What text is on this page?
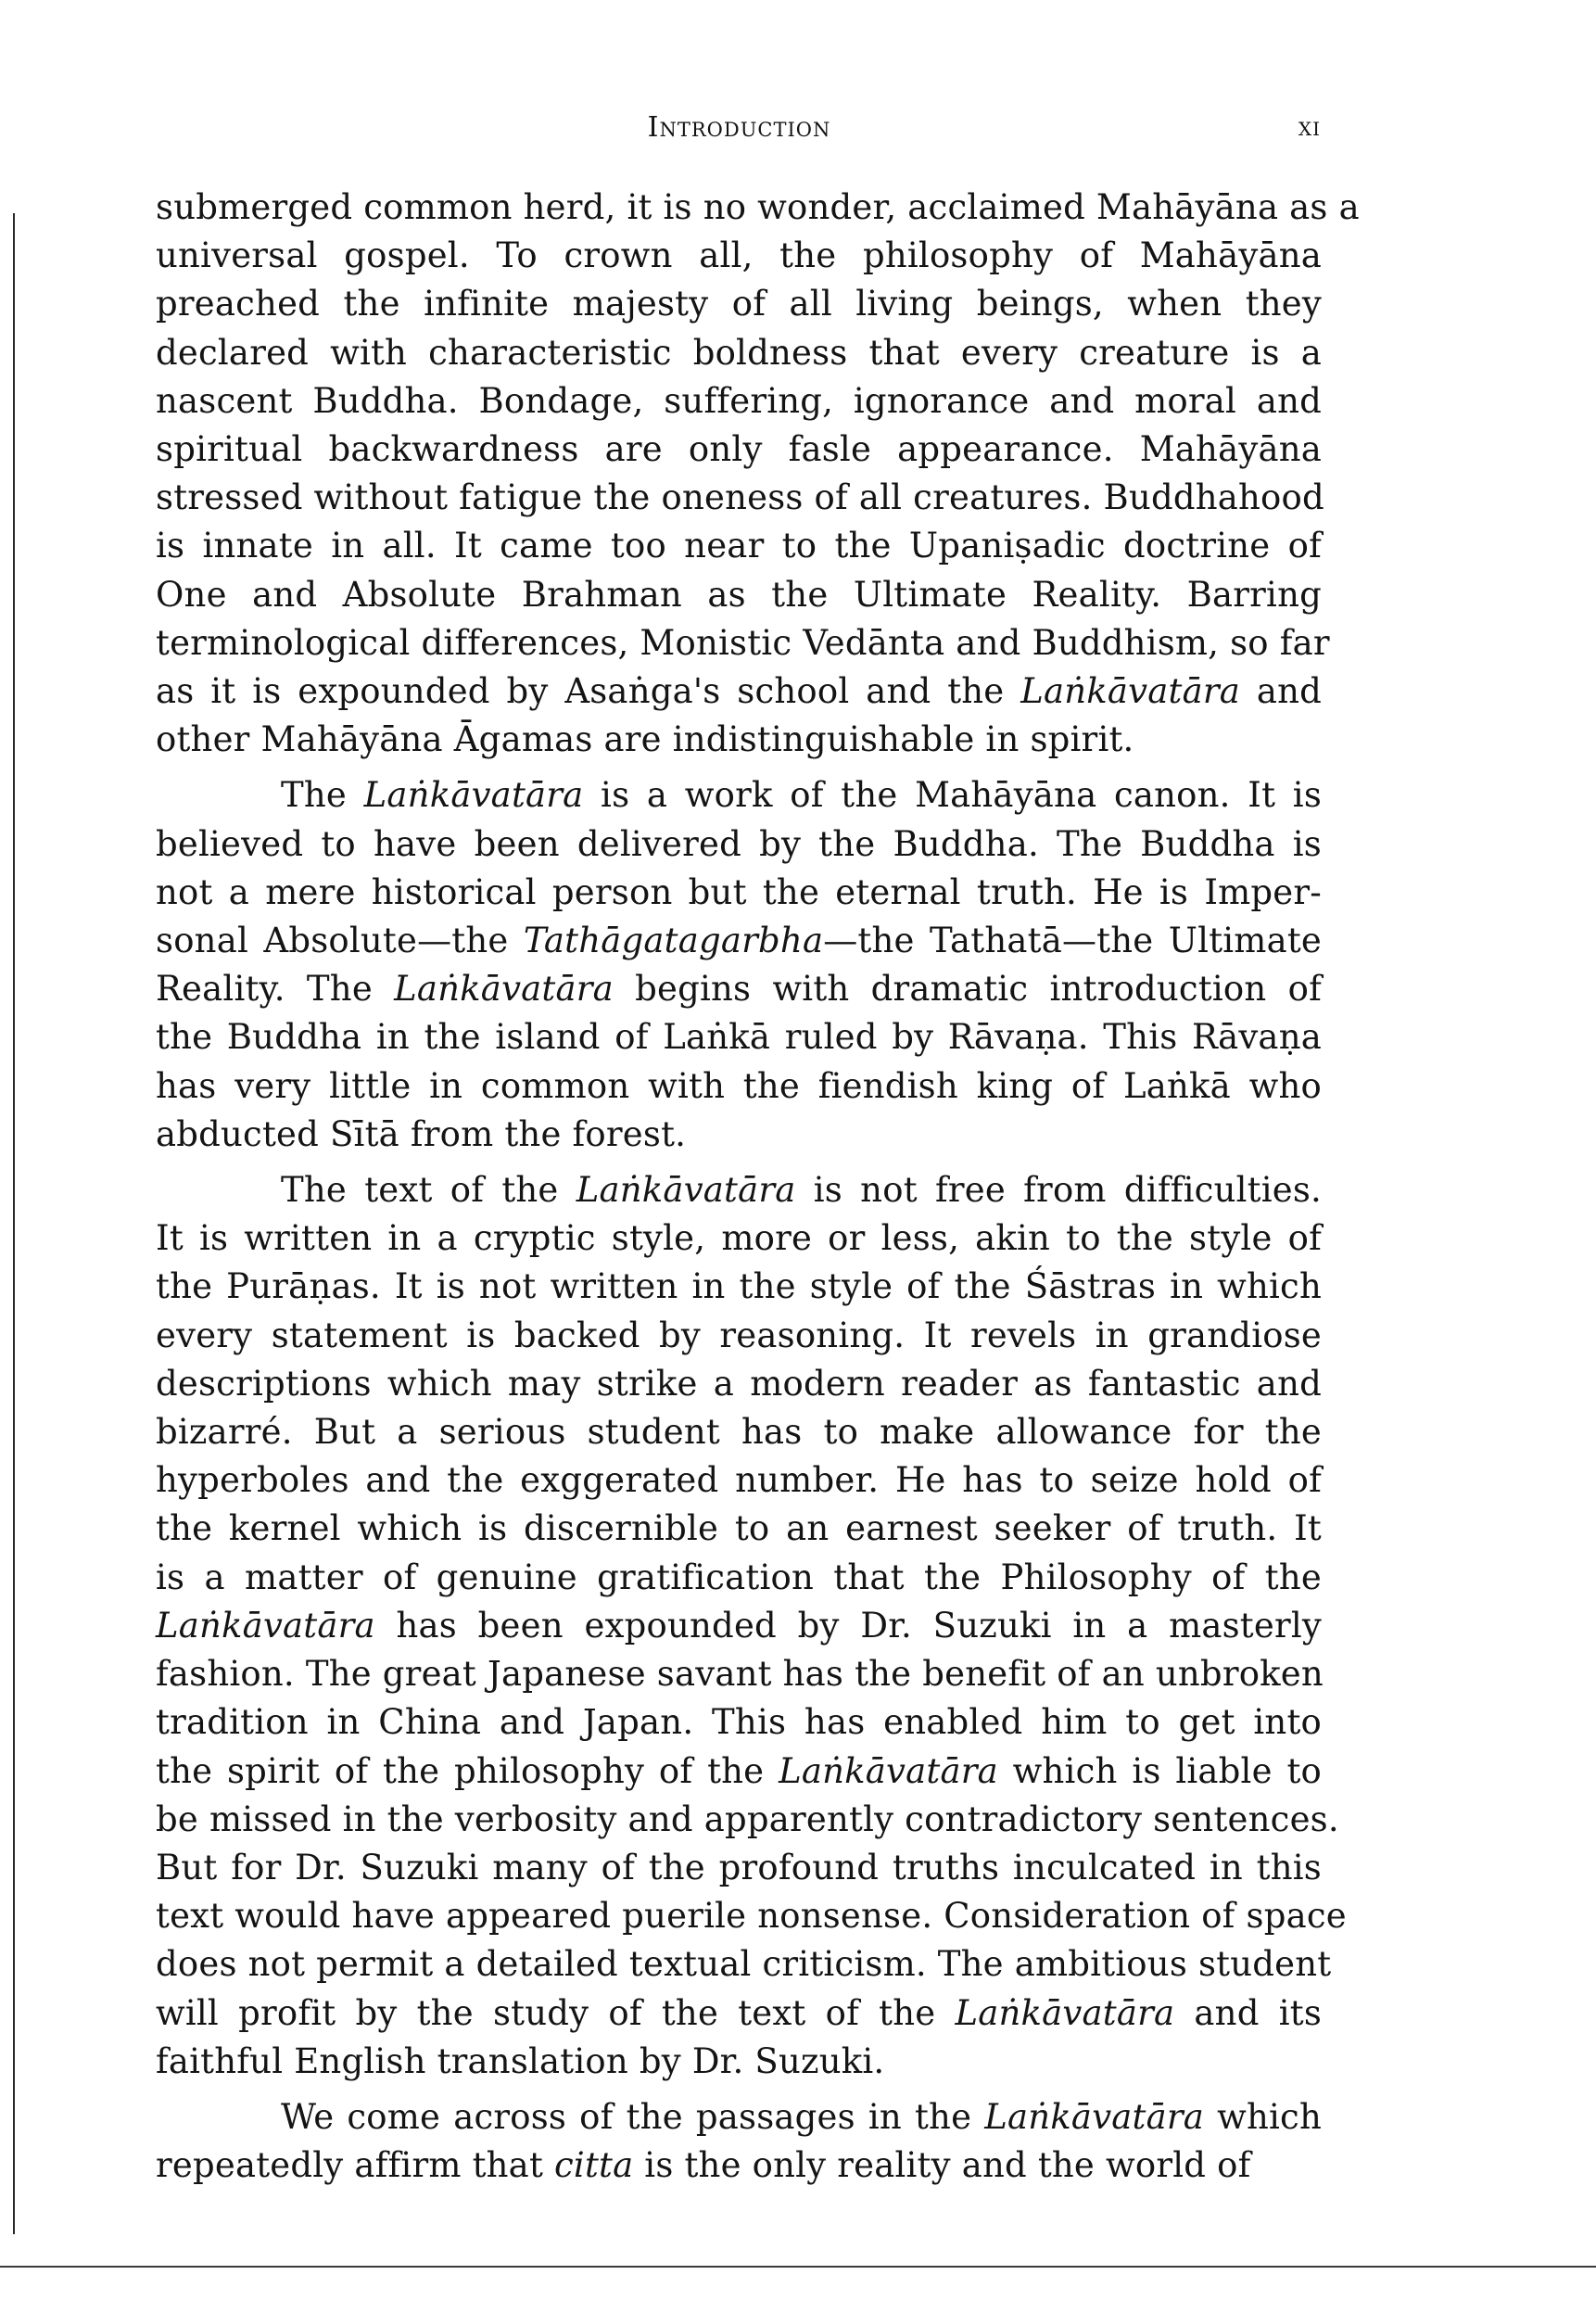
Introduction	xi
submerged common herd, it is no wonder, acclaimed Mahāyāna as a
universal gospel. To crown all, the philosophy of Mahāyāna
preached the infinite majesty of all living beings, when they
declared with characteristic boldness that every creature is a
nascent Buddha. Bondage, suffering, ignorance and moral and
spiritual backwardness are only fasle appearance. Mahāyāna
stressed without fatigue the oneness of all creatures. Buddhahood
is innate in all. It came too near to the Upaniṣadic doctrine of
One and Absolute Brahman as the Ultimate Reality. Barring
terminological differences, Monistic Vedānta and Buddhism, so far
as it is expounded by Asaṅga's school and the Laṅkāvatāra and
other Mahāyāna Āgamas are indistinguishable in spirit.
The Laṅkāvatāra is a work of the Mahāyāna canon. It is
believed to have been delivered by the Buddha. The Buddha is
not a mere historical person but the eternal truth. He is Imper-
sonal Absolute—the Tathāgatagarbha—the Tathatā—the Ultimate
Reality. The Laṅkāvatāra begins with dramatic introduction of
the Buddha in the island of Laṅkā ruled by Rāvaṇa. This Rāvaṇa
has very little in common with the fiendish king of Laṅkā who
abducted Sītā from the forest.
The text of the Laṅkāvatāra is not free from difficulties.
It is written in a cryptic style, more or less, akin to the style of
the Purāṇas. It is not written in the style of the Śāstras in which
every statement is backed by reasoning. It revels in grandiose
descriptions which may strike a modern reader as fantastic and
bizarré. But a serious student has to make allowance for the
hyperboles and the exggerated number. He has to seize hold of
the kernel which is discernible to an earnest seeker of truth. It
is a matter of genuine gratification that the Philosophy of the
Laṅkāvatāra has been expounded by Dr. Suzuki in a masterly
fashion. The great Japanese savant has the benefit of an unbroken
tradition in China and Japan. This has enabled him to get into
the spirit of the philosophy of the Laṅkāvatāra which is liable to
be missed in the verbosity and apparently contradictory sentences.
But for Dr. Suzuki many of the profound truths inculcated in this
text would have appeared puerile nonsense. Consideration of space
does not permit a detailed textual criticism. The ambitious student
will profit by the study of the text of the Laṅkāvatāra and its
faithful English translation by Dr. Suzuki.
We come across of the passages in the Laṅkāvatāra which
repeatedly affirm that citta is the only reality and the world of
